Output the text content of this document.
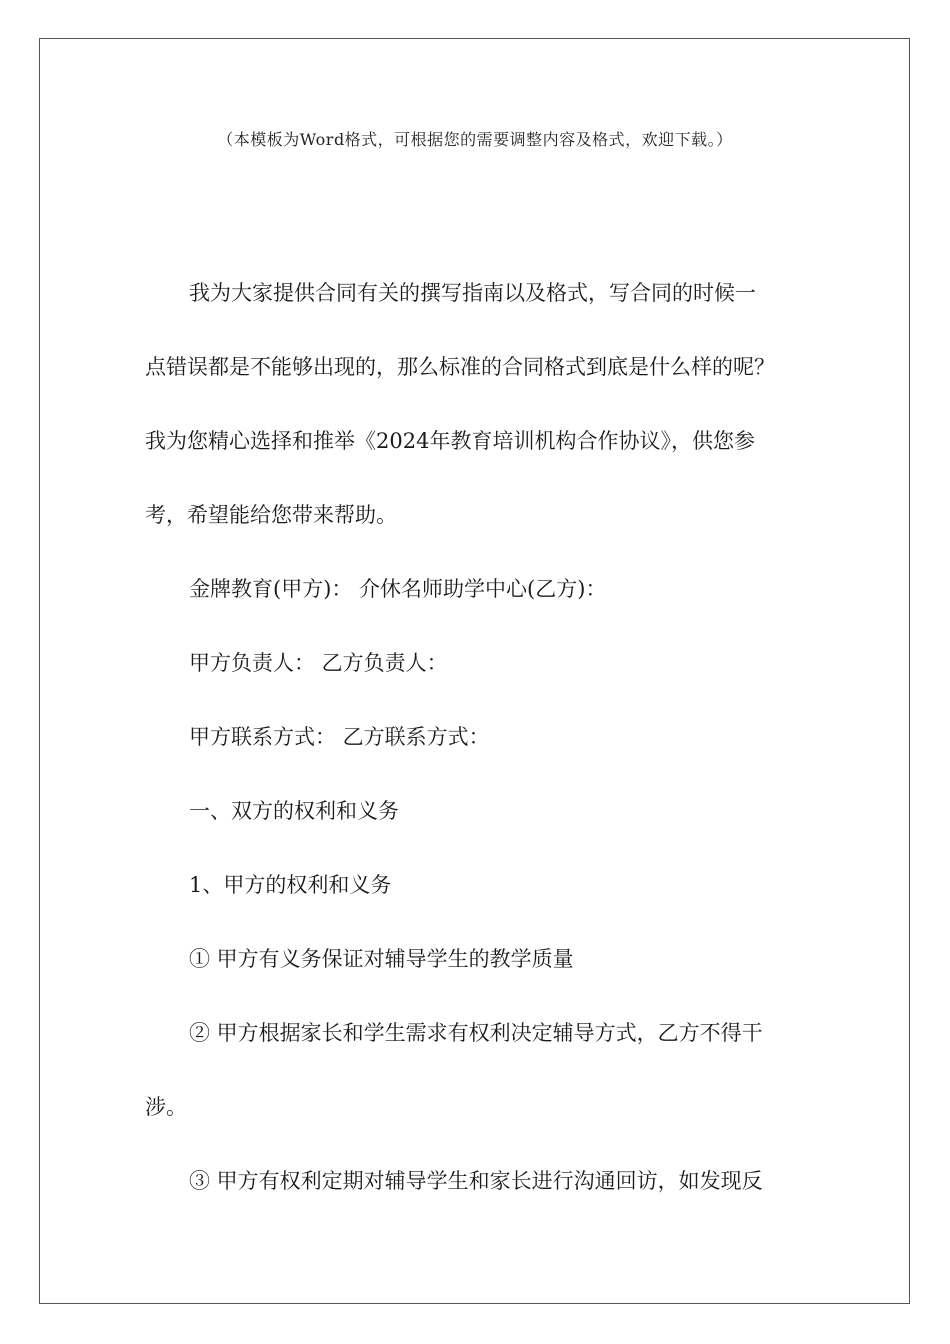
（本模板为Word格式，可根据您的需要调整内容及格式，欢迎下载。）
我为大家提供合同有关的撰写指南以及格式，写合同的时候一
点错误都是不能够出现的，那么标准的合同格式到底是什么样的呢？
我为您精心选择和推举《2024年教育培训机构合作协议》，供您参
考，希望能给您带来帮助。
金牌教育(甲方)： 介休名师助学中心(乙方)：
甲方负责人： 乙方负责人：
甲方联系方式： 乙方联系方式：
一、双方的权利和义务
1、甲方的权利和义务
① 甲方有义务保证对辅导学生的教学质量
② 甲方根据家长和学生需求有权利决定辅导方式，乙方不得干
涉。
③ 甲方有权利定期对辅导学生和家长进行沟通回访，如发现反
